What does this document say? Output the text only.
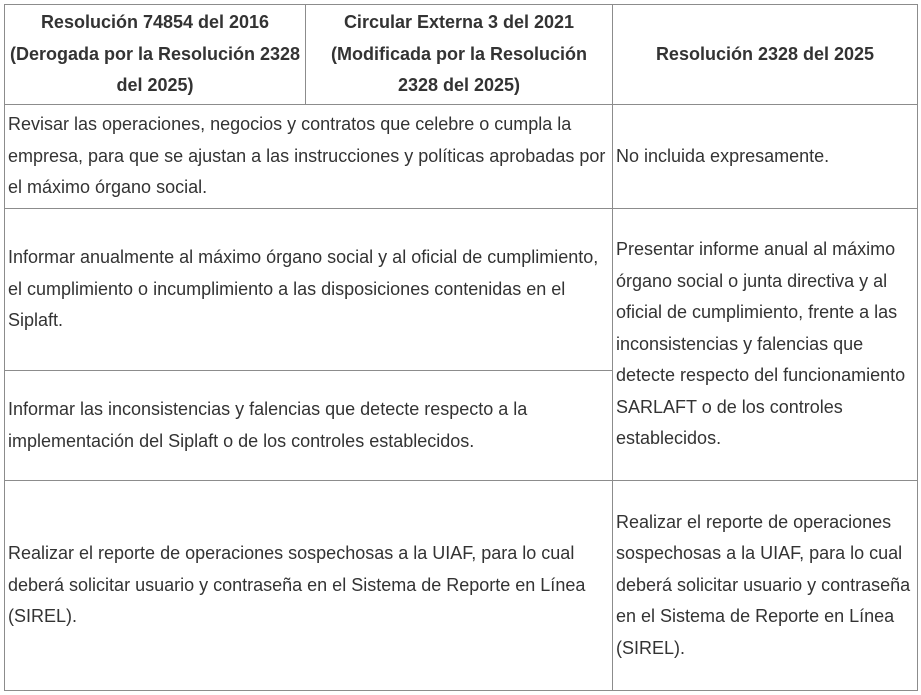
Resolución 74854 del 2016 (Derogada por la Resolución 2328 del 2025)	Circular Externa 3 del 2021 (Modificada por la Resolución 2328 del 2025)	Resolución 2328 del 2025
Revisar las operaciones, negocios y contratos que celebre o cumpla la empresa, para que se ajustan a las instrucciones y políticas aprobadas por el máximo órgano social.		No incluida expresamente.
Informar anualmente al máximo órgano social y al oficial de cumplimiento, el cumplimiento o incumplimiento a las disposiciones contenidas en el Siplaft.		Presentar informe anual al máximo órgano social o junta directiva y al oficial de cumplimiento, frente a las inconsistencias y falencias que detecte respecto del funcionamiento SARLAFT o de los controles establecidos.
Informar las inconsistencias y falencias que detecte respecto a la implementación del Siplaft o de los controles establecidos.		
Realizar el reporte de operaciones sospechosas a la UIAF, para lo cual deberá solicitar usuario y contraseña en el Sistema de Reporte en Línea (SIREL).		Realizar el reporte de operaciones sospechosas a la UIAF, para lo cual deberá solicitar usuario y contraseña en el Sistema de Reporte en Línea (SIREL).
